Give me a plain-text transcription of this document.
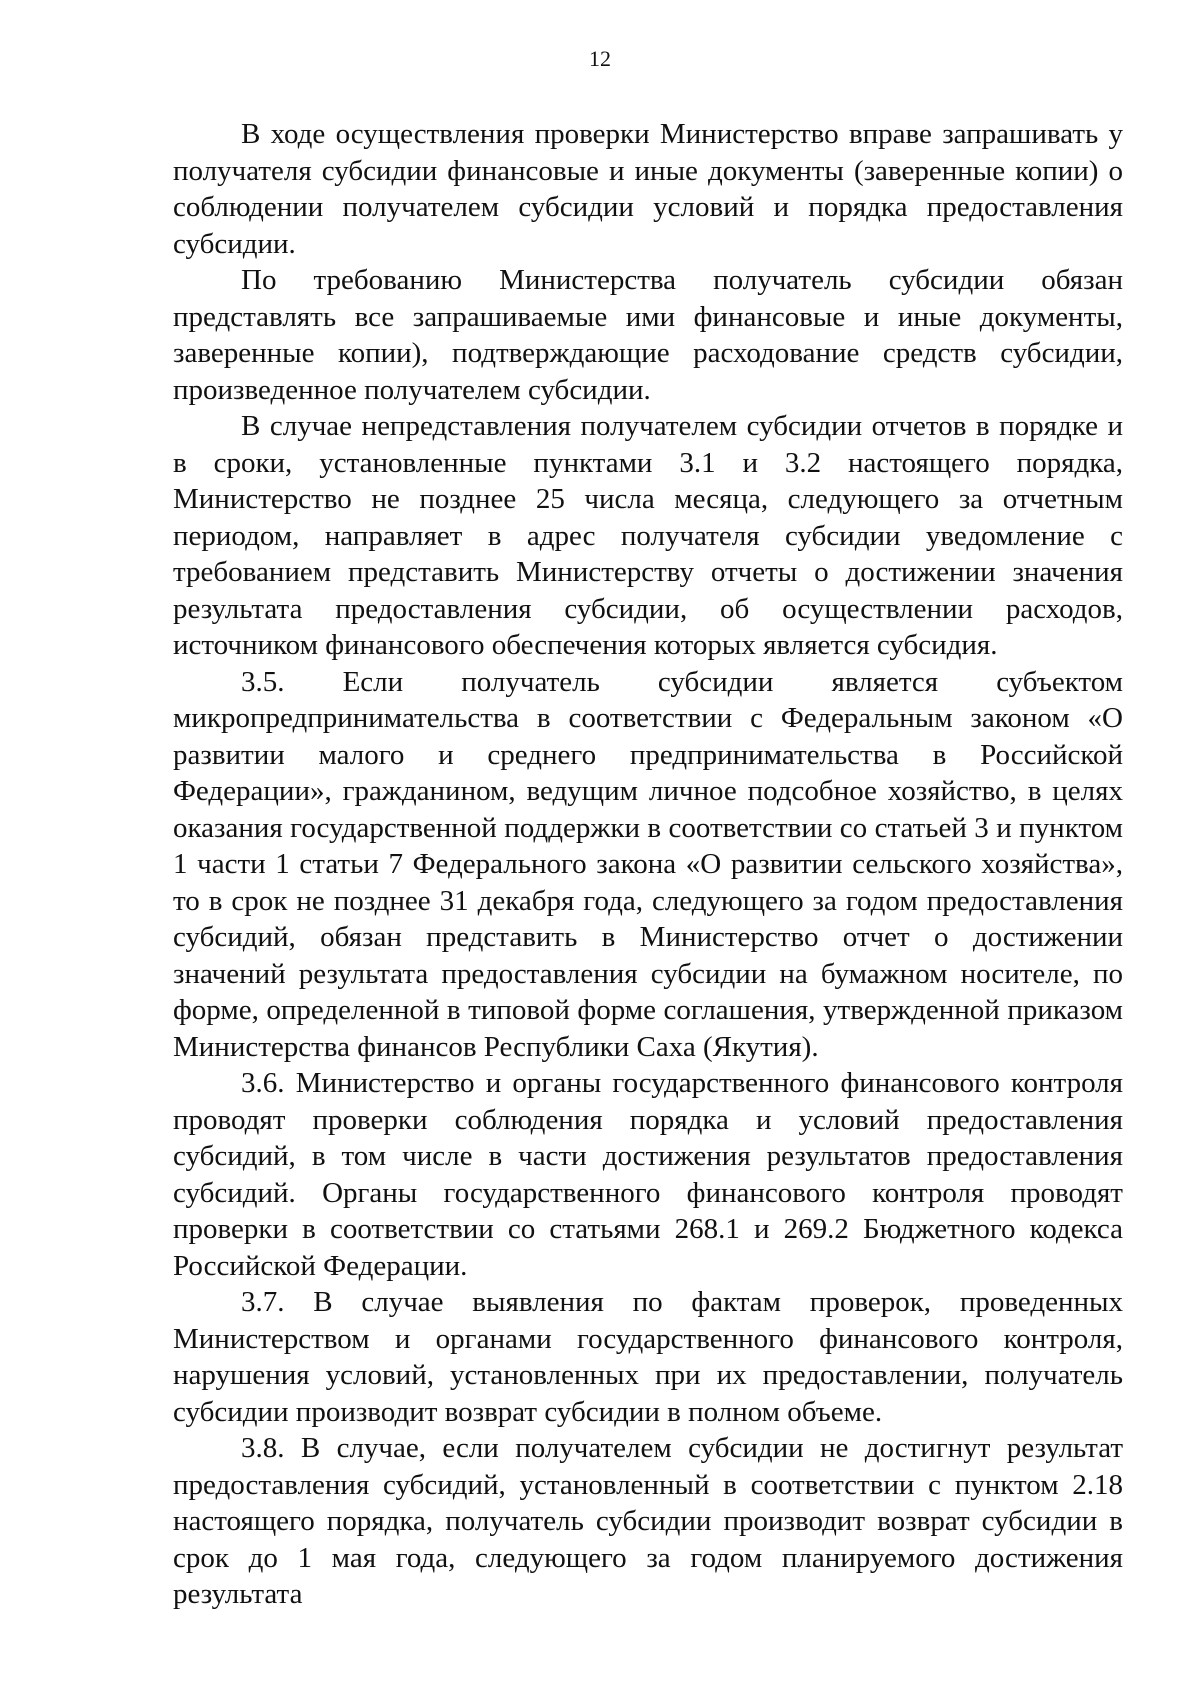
12

В ходе осуществления проверки Министерство вправе запрашивать у получателя субсидии финансовые и иные документы (заверенные копии) о соблюдении получателем субсидии условий и порядка предоставления субсидии.

По требованию Министерства получатель субсидии обязан представлять все запрашиваемые ими финансовые и иные документы, заверенные копии), подтверждающие расходование средств субсидии, произведенное получателем субсидии.

В случае непредставления получателем субсидии отчетов в порядке и в сроки, установленные пунктами 3.1 и 3.2 настоящего порядка, Министерство не позднее 25 числа месяца, следующего за отчетным периодом, направляет в адрес получателя субсидии уведомление с требованием представить Министерству отчеты о достижении значения результата предоставления субсидии, об осуществлении расходов, источником финансового обеспечения которых является субсидия.

3.5. Если получатель субсидии является субъектом микропредпринимательства в соответствии с Федеральным законом «О развитии малого и среднего предпринимательства в Российской Федерации», гражданином, ведущим личное подсобное хозяйство, в целях оказания государственной поддержки в соответствии со статьей 3 и пунктом 1 части 1 статьи 7 Федерального закона «О развитии сельского хозяйства», то в срок не позднее 31 декабря года, следующего за годом предоставления субсидий, обязан представить в Министерство отчет о достижении значений результата предоставления субсидии на бумажном носителе, по форме, определенной в типовой форме соглашения, утвержденной приказом Министерства финансов Республики Саха (Якутия).

3.6. Министерство и органы государственного финансового контроля проводят проверки соблюдения порядка и условий предоставления субсидий, в том числе в части достижения результатов предоставления субсидий. Органы государственного финансового контроля проводят проверки в соответствии со статьями 268.1 и 269.2 Бюджетного кодекса Российской Федерации.

3.7. В случае выявления по фактам проверок, проведенных Министерством и органами государственного финансового контроля, нарушения условий, установленных при их предоставлении, получатель субсидии производит возврат субсидии в полном объеме.

3.8. В случае, если получателем субсидии не достигнут результат предоставления субсидий, установленный в соответствии с пунктом 2.18 настоящего порядка, получатель субсидии производит возврат субсидии в срок до 1 мая года, следующего за годом планируемого достижения результата
